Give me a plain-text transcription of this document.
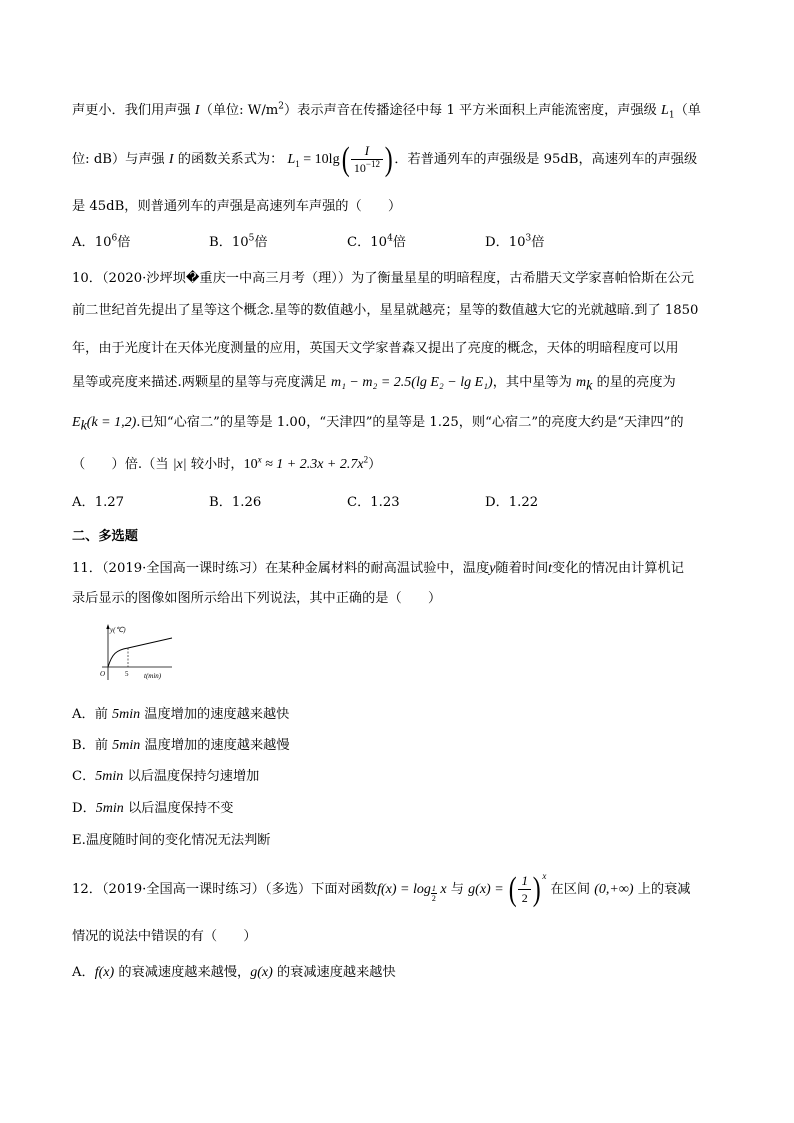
声更小．我们用声强 I（单位: $W/m^2$）表示声音在传播途径中每 1 平方米面积上声能流密度，声强级 $L_1$（单
位: dB）与声强 I 的函数关系式为： $L_1 = 10\lg( \frac{I}{10^{-12}}$ ) ．若普通列车的声强级是 95dB，高速列车的声强级
是 45dB，则普通列车的声强是高速列车声强的（　　）
A．$10^6$倍	B．$10^5$倍	C．$10^4$倍	D．$10^3$倍
10．（2020·沙坪坝�重庆一中高三月考（理））为了衡量星星的明暗程度，古希腊天文学家喜帕恰斯在公元
前二世纪首先提出了星等这个概念.星等的数值越小，星星就越亮；星等的数值越大它的光就越暗.到了 1850
年，由于光度计在天体光度测量的应用，英国天文学家普森又提出了亮度的概念，天体的明暗程度可以用
星等或亮度来描述.两颗星的星等与亮度满足 m₁ − m₂ = 2.5(lg E₂ − lg E₁)，其中星等为 $m_k$ 的星的亮度为
$E_k(k = 1,2)$.已知“心宿二”的星等是 1.00，“天津四”的星等是 1.25，则“心宿二”的亮度大约是“天津四”的
（　　）倍.（当 |x| 较小时，$10^x \approx 1 + 2.3x + 2.7x^2$）
A．1.27	B．1.26	C．1.23	D．1.22
二、多选题
11．（2019·全国高一课时练习）在某种金属材料的耐高温试验中，温度y随着时间t变化的情况由计算机记
录后显示的图像如图所示给出下列说法，其中正确的是（　　）
y(℃)
O	5 t(min)
A．前 5min 温度增加的速度越来越快
B．前 5min 温度增加的速度越来越慢
C．5min 以后温度保持匀速增加
D．5min 以后温度保持不变
E.温度随时间的变化情况无法判断
12．（2019·全国高一课时练习）（多选）下面对函数$f(x) = \log \frac{1}{2}$ x 与 g(x) = ( $\frac{1}{2}$ ) $^x$ 在区间 (0,+∞) 上的衰减
情况的说法中错误的有（　　）
A．f(x) 的衰减速度越来越慢，g(x) 的衰减速度越来越快
